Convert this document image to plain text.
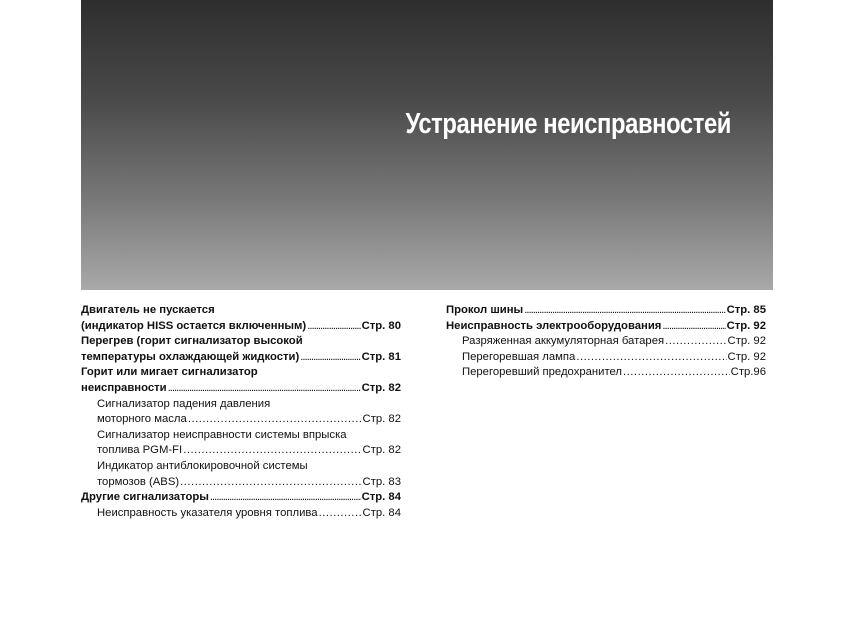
Устранение неисправностей
Двигатель не пускается
(индикатор HISS остается включенным) .....	Стр. 80
Перегрев (горит сигнализатор высокой
температуры охлаждающей жидкости) .....	Стр. 81
Горит или мигает сигнализатор
неисправности .....	Стр. 82
Сигнализатор падения давления
моторного масла .....	Стр. 82
Сигнализатор неисправности системы впрыска
топлива PGM-FI .....	Стр. 82
Индикатор антиблокировочной системы
тормозов (ABS) .....	Стр. 83
Другие сигнализаторы .....	Стр. 84
Неисправность указателя уровня топлива .....	Стр. 84
Прокол шины .....	Стр. 85
Неисправность электрооборудования .....	Стр. 92
Разряженная аккумуляторная батарея .....	Стр. 92
Перегоревшая лампа .....	Стр. 92
Перегоревший предохранител .....	Стр.96
